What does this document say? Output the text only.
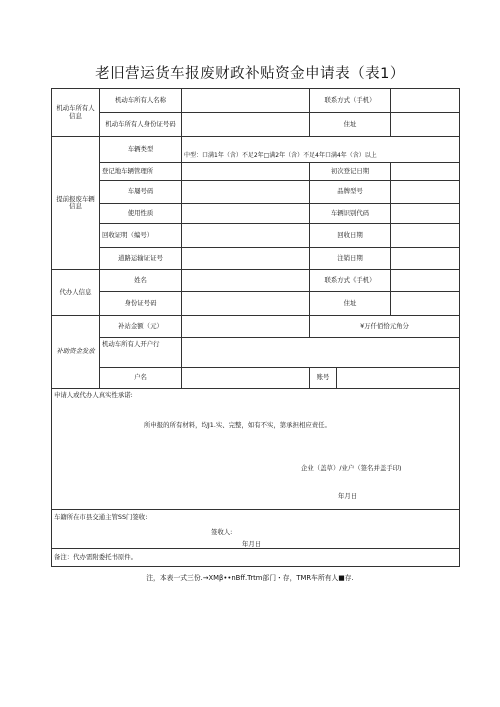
老旧营运货车报废财政补贴资金申请表（表1）
机动车所有人信息	机动车所有人名称		联系方式（手机）		
	机动车所有人身份证号码		住址		
提前报废车辆信息	车辆类型	中型：口满1年（含）不足2年□满2年（含）不足4年口满4年（含）以上			

	登记地车辆管理所		初次登记日期		
	车屦号码		品牌型号		
	使用性质		车辆识别代码		
	回收证明（编号）		回收日期		
	道路运输证证号		注销日期		
代办人信息	姓名		联系方式《手机）		
	身份证号码		住址		
补助资金发放	补站金额（元）		¥万仟佰恰元角分		
	机动车所有人开户行				
	户名		账号		

申请人或代办人真实性承诺:
所申报的所有材料，均J1.实、完整，如有不实，第承担相应责任。
企业（盖草）/业户（签名并盖手印)
年月日					

车籍所在市县交通主管SS门签收:
签收人:
年月日					

备注：代办需附委托书原件。					
注，本表一式三份.→XMβ••nBff.Trtm部门・存，TMR车所有人■存.
